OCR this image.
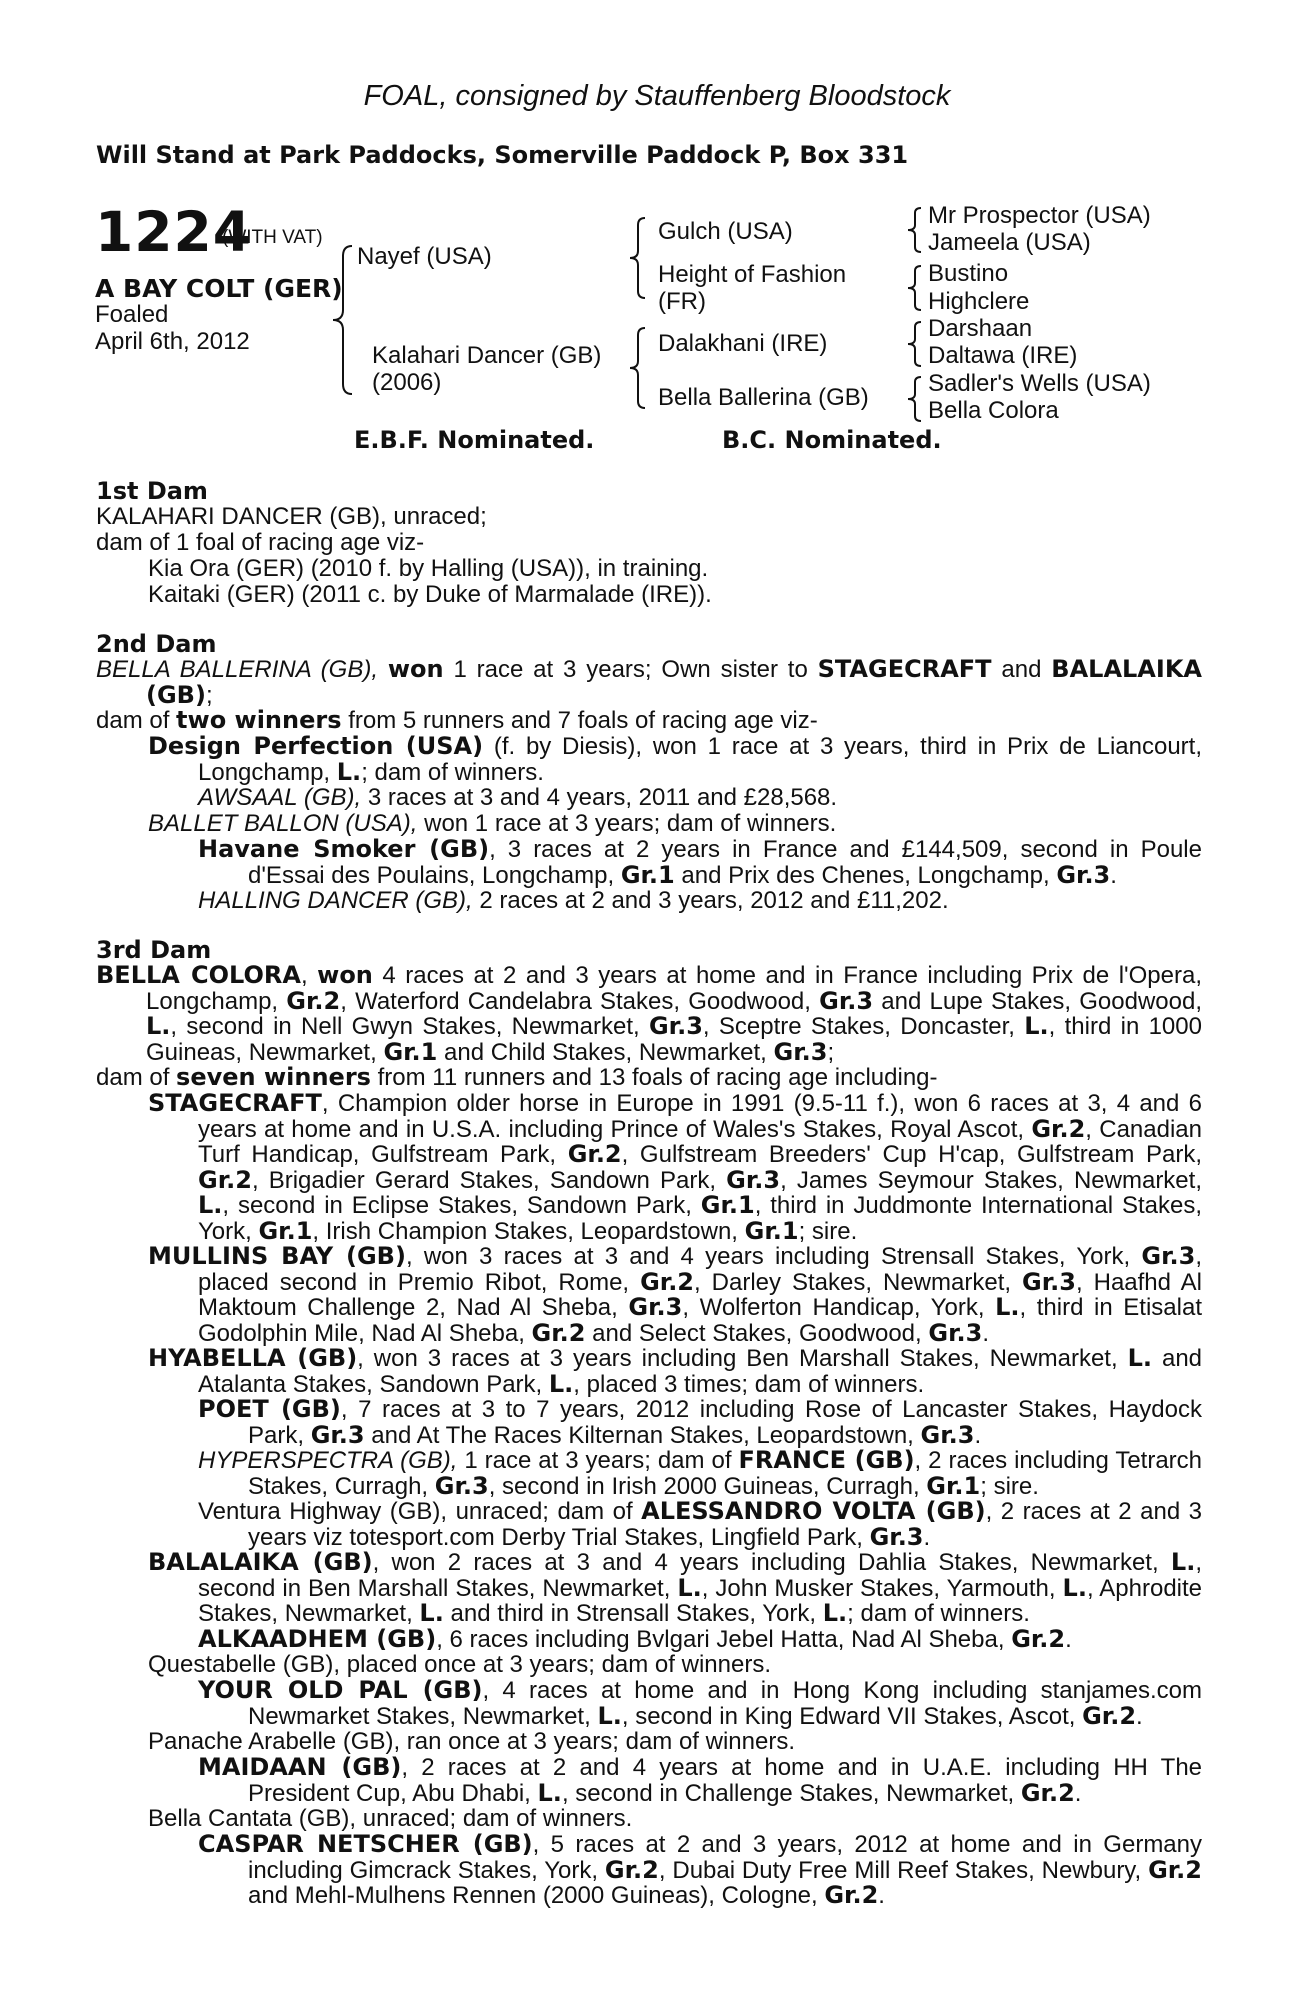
FOAL, consigned by Stauffenberg Bloodstock
Will Stand at Park Paddocks, Somerville Paddock P, Box 331
1224
(WITH VAT)
A BAY COLT (GER)
Foaled
April 6th, 2012
Nayef (USA)
Kalahari Dancer (GB)
(2006)
Gulch (USA)
Height of Fashion
(FR)
Dalakhani (IRE)
Bella Ballerina (GB)
Mr Prospector (USA)
Jameela (USA)
Bustino
Highclere
Darshaan
Daltawa (IRE)
Sadler's Wells (USA)
Bella Colora
E.B.F. Nominated.	B.C. Nominated.
1st Dam
KALAHARI DANCER (GB), unraced;
dam of 1 foal of racing age viz-
Kia Ora (GER) (2010 f. by Halling (USA)), in training.
Kaitaki (GER) (2011 c. by Duke of Marmalade (IRE)).
2nd Dam
BELLA BALLERINA (GB), won 1 race at 3 years; Own sister to STAGECRAFT and BALALAIKA (GB);
dam of two winners from 5 runners and 7 foals of racing age viz-
Design Perfection (USA) (f. by Diesis), won 1 race at 3 years, third in Prix de Liancourt, Longchamp, L.; dam of winners.
AWSAAL (GB), 3 races at 3 and 4 years, 2011 and £28,568.
BALLET BALLON (USA), won 1 race at 3 years; dam of winners.
Havane Smoker (GB), 3 races at 2 years in France and £144,509, second in Poule d'Essai des Poulains, Longchamp, Gr.1 and Prix des Chenes, Longchamp, Gr.3.
HALLING DANCER (GB), 2 races at 2 and 3 years, 2012 and £11,202.
3rd Dam
BELLA COLORA, won 4 races at 2 and 3 years at home and in France including Prix de l'Opera, Longchamp, Gr.2, Waterford Candelabra Stakes, Goodwood, Gr.3 and Lupe Stakes, Goodwood, L., second in Nell Gwyn Stakes, Newmarket, Gr.3, Sceptre Stakes, Doncaster, L., third in 1000 Guineas, Newmarket, Gr.1 and Child Stakes, Newmarket, Gr.3;
dam of seven winners from 11 runners and 13 foals of racing age including-
STAGECRAFT, Champion older horse in Europe in 1991 (9.5-11 f.), won 6 races at 3, 4 and 6 years at home and in U.S.A. including Prince of Wales's Stakes, Royal Ascot, Gr.2, Canadian Turf Handicap, Gulfstream Park, Gr.2, Gulfstream Breeders' Cup H'cap, Gulfstream Park, Gr.2, Brigadier Gerard Stakes, Sandown Park, Gr.3, James Seymour Stakes, Newmarket, L., second in Eclipse Stakes, Sandown Park, Gr.1, third in Juddmonte International Stakes, York, Gr.1, Irish Champion Stakes, Leopardstown, Gr.1; sire.
MULLINS BAY (GB), won 3 races at 3 and 4 years including Strensall Stakes, York, Gr.3, placed second in Premio Ribot, Rome, Gr.2, Darley Stakes, Newmarket, Gr.3, Haafhd Al Maktoum Challenge 2, Nad Al Sheba, Gr.3, Wolferton Handicap, York, L., third in Etisalat Godolphin Mile, Nad Al Sheba, Gr.2 and Select Stakes, Goodwood, Gr.3.
HYABELLA (GB), won 3 races at 3 years including Ben Marshall Stakes, Newmarket, L. and Atalanta Stakes, Sandown Park, L., placed 3 times; dam of winners.
POET (GB), 7 races at 3 to 7 years, 2012 including Rose of Lancaster Stakes, Haydock Park, Gr.3 and At The Races Kilternan Stakes, Leopardstown, Gr.3.
HYPERSPECTRA (GB), 1 race at 3 years; dam of FRANCE (GB), 2 races including Tetrarch Stakes, Curragh, Gr.3, second in Irish 2000 Guineas, Curragh, Gr.1; sire.
Ventura Highway (GB), unraced; dam of ALESSANDRO VOLTA (GB), 2 races at 2 and 3 years viz totesport.com Derby Trial Stakes, Lingfield Park, Gr.3.
BALALAIKA (GB), won 2 races at 3 and 4 years including Dahlia Stakes, Newmarket, L., second in Ben Marshall Stakes, Newmarket, L., John Musker Stakes, Yarmouth, L., Aphrodite Stakes, Newmarket, L. and third in Strensall Stakes, York, L.; dam of winners.
ALKAADHEM (GB), 6 races including Bvlgari Jebel Hatta, Nad Al Sheba, Gr.2.
Questabelle (GB), placed once at 3 years; dam of winners.
YOUR OLD PAL (GB), 4 races at home and in Hong Kong including stanjames.com Newmarket Stakes, Newmarket, L., second in King Edward VII Stakes, Ascot, Gr.2.
Panache Arabelle (GB), ran once at 3 years; dam of winners.
MAIDAAN (GB), 2 races at 2 and 4 years at home and in U.A.E. including HH The President Cup, Abu Dhabi, L., second in Challenge Stakes, Newmarket, Gr.2.
Bella Cantata (GB), unraced; dam of winners.
CASPAR NETSCHER (GB), 5 races at 2 and 3 years, 2012 at home and in Germany including Gimcrack Stakes, York, Gr.2, Dubai Duty Free Mill Reef Stakes, Newbury, Gr.2 and Mehl-Mulhens Rennen (2000 Guineas), Cologne, Gr.2.
